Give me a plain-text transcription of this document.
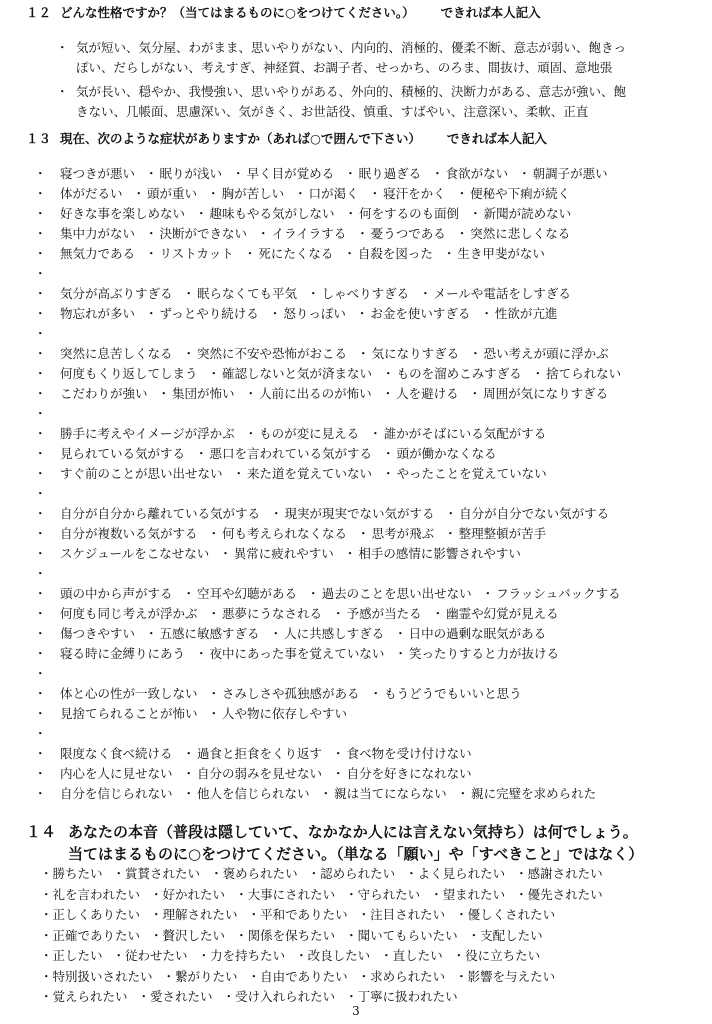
１２ どんな性格ですか？（当てはまるものに○をつけてください。） できれば本人記入
・ 気が短い、気分屋、わがまま、思いやりがない、内向的、消極的、優柔不断、意志が弱い、飽きっ
ぽい、だらしがない、考えすぎ、神経質、お調子者、せっかち、のろま、間抜け、頑固、意地張
・ 気が長い、穏やか、我慢強い、思いやりがある、外向的、積極的、決断力がある、意志が強い、飽
きない、几帳面、思慮深い、気がきく、お世話役、慎重、すばやい、注意深い、柔軟、正直
１３ 現在、次のような症状がありますか（あれば○で囲んで下さい） できれば本人記入
・	寝つきが悪い ・ 眠りが浅い ・ 早く目が覚める ・ 眠り過ぎる ・ 食欲がない ・ 朝調子が悪い
・	体がだるい ・ 頭が重い ・ 胸が苦しい ・ 口が渇く ・ 寝汗をかく ・ 便秘や下痢が続く
・	好きな事を楽しめない ・ 趣味もやる気がしない ・ 何をするのも面倒 ・ 新聞が読めない
・	集中力がない ・ 決断ができない ・ イライラする ・ 憂うつである ・ 突然に悲しくなる
・	無気力である ・ リストカット ・ 死にたくなる ・ 自殺を図った ・ 生き甲斐がない
・
・	気分が高ぶりすぎる ・ 眠らなくても平気 ・ しゃべりすぎる ・ メールや電話をしすぎる
・	物忘れが多い ・ ずっとやり続ける ・ 怒りっぽい ・ お金を使いすぎる ・ 性欲が亢進
・
・	突然に息苦しくなる ・ 突然に不安や恐怖がおこる ・ 気になりすぎる ・ 恐い考えが頭に浮かぶ
・	何度もくり返してしまう ・ 確認しないと気が済まない ・ ものを溜めこみすぎる ・ 捨てられない
・	こだわりが強い ・ 集団が怖い ・ 人前に出るのが怖い ・ 人を避ける ・ 周囲が気になりすぎる
・
・	勝手に考えやイメージが浮かぶ ・ ものが変に見える ・ 誰かがそばにいる気配がする
・	見られている気がする ・ 悪口を言われている気がする ・ 頭が働かなくなる
・	すぐ前のことが思い出せない ・ 来た道を覚えていない ・ やったことを覚えていない
・
・	自分が自分から離れている気がする ・ 現実が現実でない気がする ・ 自分が自分でない気がする
・	自分が複数いる気がする ・ 何も考えられなくなる ・ 思考が飛ぶ ・ 整理整頓が苦手
・	スケジュールをこなせない ・ 異常に疲れやすい ・ 相手の感情に影響されやすい
・
・	頭の中から声がする ・ 空耳や幻聴がある ・ 過去のことを思い出せない ・ フラッシュバックする
・	何度も同じ考えが浮かぶ ・ 悪夢にうなされる ・ 予感が当たる ・ 幽霊や幻覚が見える
・	傷つきやすい ・ 五感に敏感すぎる ・ 人に共感しすぎる ・ 日中の過剰な眠気がある
・	寝る時に金縛りにあう ・ 夜中にあった事を覚えていない ・ 笑ったりすると力が抜ける
・
・	体と心の性が一致しない ・ さみしさや孤独感がある ・ もうどうでもいいと思う
・	見捨てられることが怖い ・ 人や物に依存しやすい
・
・	限度なく食べ続ける ・ 過食と拒食をくり返す ・ 食べ物を受け付けない
・	内心を人に見せない ・ 自分の弱みを見せない ・ 自分を好きになれない
・	自分を信じられない ・ 他人を信じられない ・ 親は当てにならない ・ 親に完璧を求められた
１４ あなたの本音（普段は隠していて、なかなか人には言えない気持ち）は何でしょう。
当てはまるものに○をつけてください。（単なる「願い」や「すべきこと」ではなく）
・ 勝ちたい ・ 賞賛されたい ・ 褒められたい ・ 認められたい ・ よく見られたい ・ 感謝されたい
・ 礼を言われたい ・ 好かれたい ・ 大事にされたい ・ 守られたい ・ 望まれたい ・ 優先されたい
・ 正しくありたい ・ 理解されたい ・ 平和でありたい ・ 注目されたい ・ 優しくされたい
・ 正確でありたい ・ 贅沢したい ・ 関係を保ちたい ・ 聞いてもらいたい ・ 支配したい
・ 正したい ・ 従わせたい ・ 力を持ちたい ・ 改良したい ・ 直したい ・ 役に立ちたい
・ 特別扱いされたい ・ 繋がりたい ・ 自由でありたい ・ 求められたい ・ 影響を与えたい
・ 覚えられたい ・ 愛されたい ・ 受け入れられたい ・ 丁寧に扱われたい
3
